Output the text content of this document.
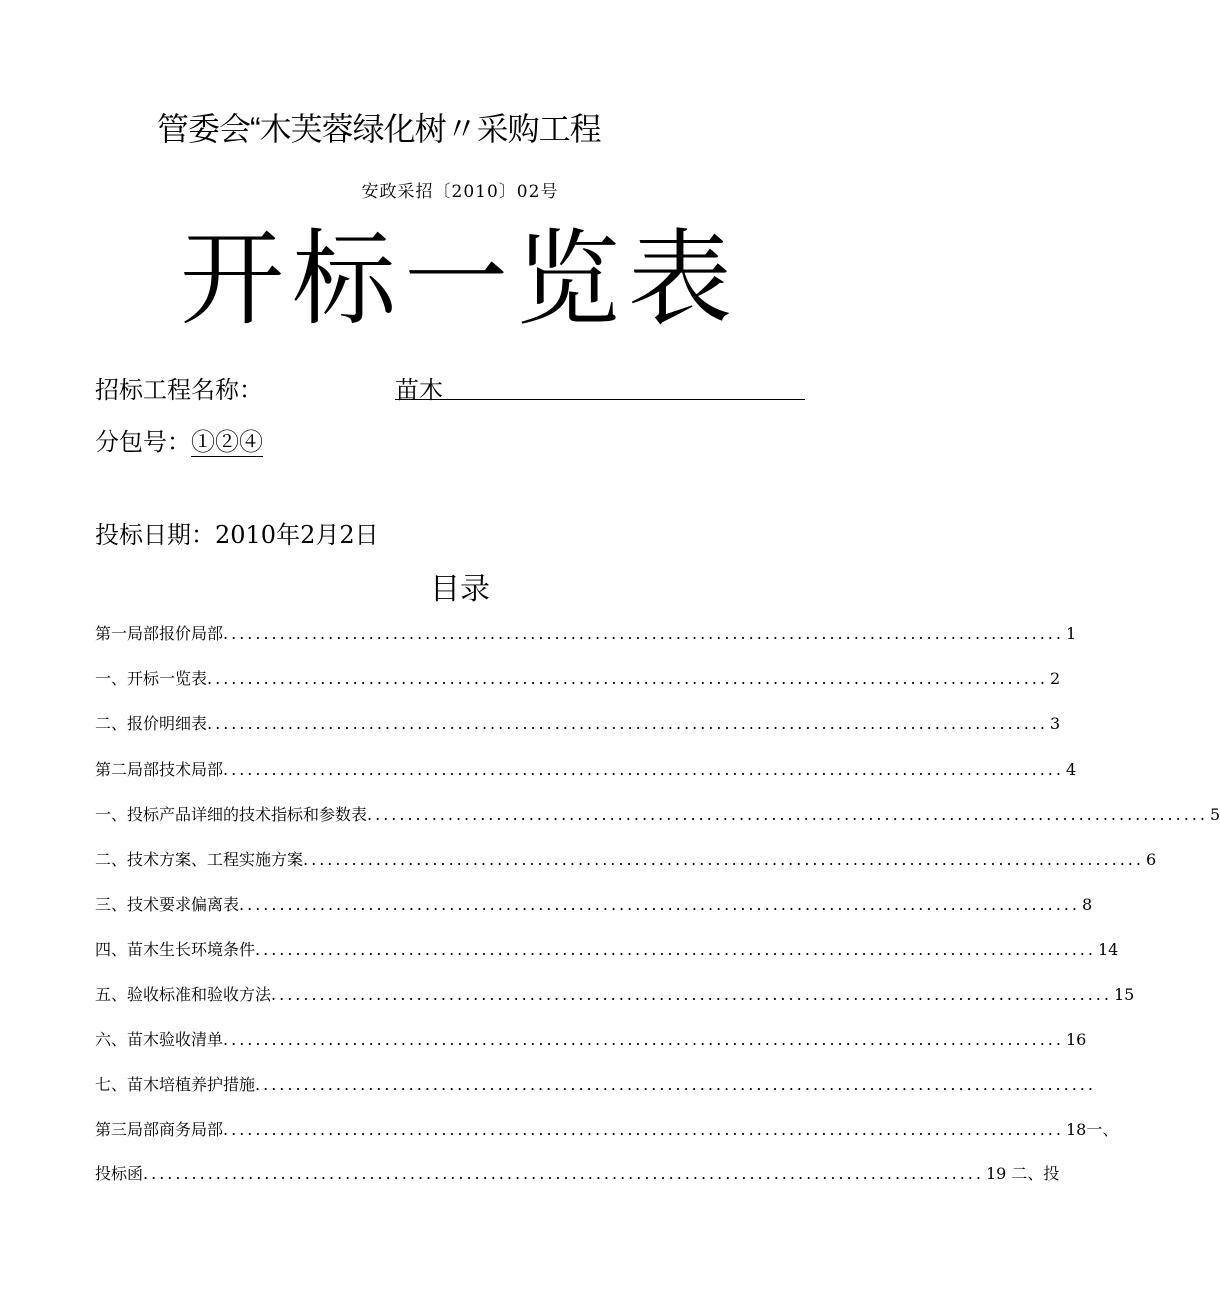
管委会“木芙蓉绿化树〃采购工程
安政采招〔2010〕02号
开标一览表
招标工程名称：	苗木
分包号：①②④
投标日期：2010年2月2日
目录
第一局部报价局部 ........................................................................................................ 1
一、开标一览表 ........................................................................................................ 2
二、报价明细表 ........................................................................................................ 3
第二局部技术局部 ........................................................................................................ 4
一、投标产品详细的技术指标和参数表 ........................................................................................................ 5
二、技术方案、工程实施方案 ........................................................................................................ 6
三、技术要求偏离表 ........................................................................................................ 8
四、苗木生长环境条件 ........................................................................................................ 14
五、验收标准和验收方法 ........................................................................................................ 15
六、苗木验收清单 ........................................................................................................ 16
七、苗木培植养护措施 ........................................................................................................
第三局部商务局部 ........................................................................................................ 18一、
投标函 ........................................................................................................ 19 二、投
